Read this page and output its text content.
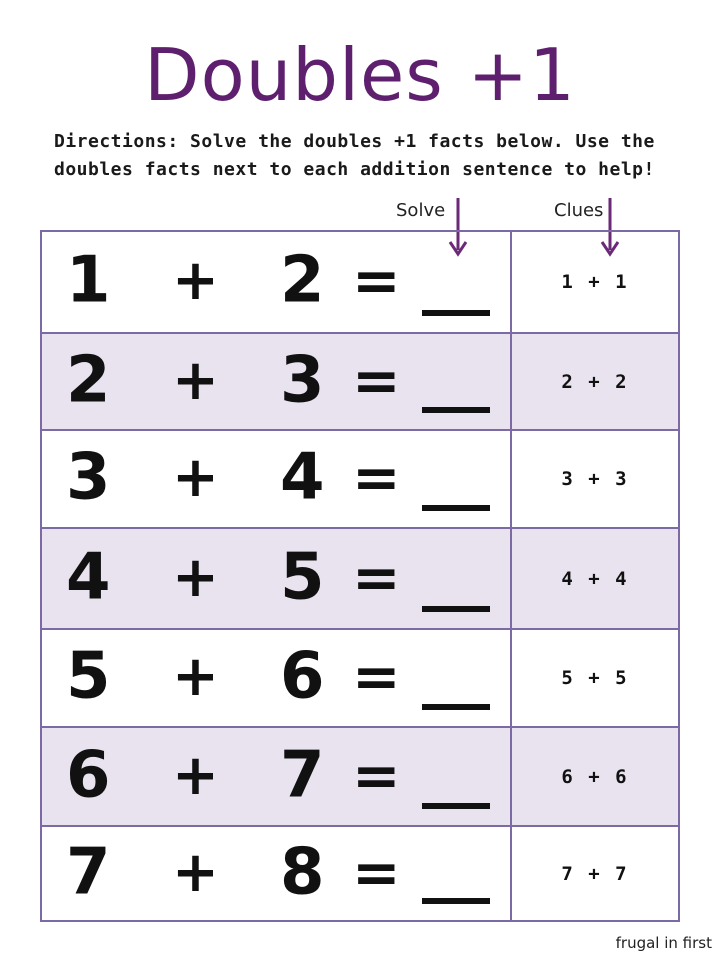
Doubles +1
Directions: Solve the doubles +1 facts below. Use the doubles facts next to each addition sentence to help!
Solve	Clues
1 + 2 =	1 + 1
2 + 3 =	2 + 2
3 + 4 =	3 + 3
4 + 5 =	4 + 4
5 + 6 =	5 + 5
6 + 7 =	6 + 6
7 + 8 =	7 + 7
frugal in first
